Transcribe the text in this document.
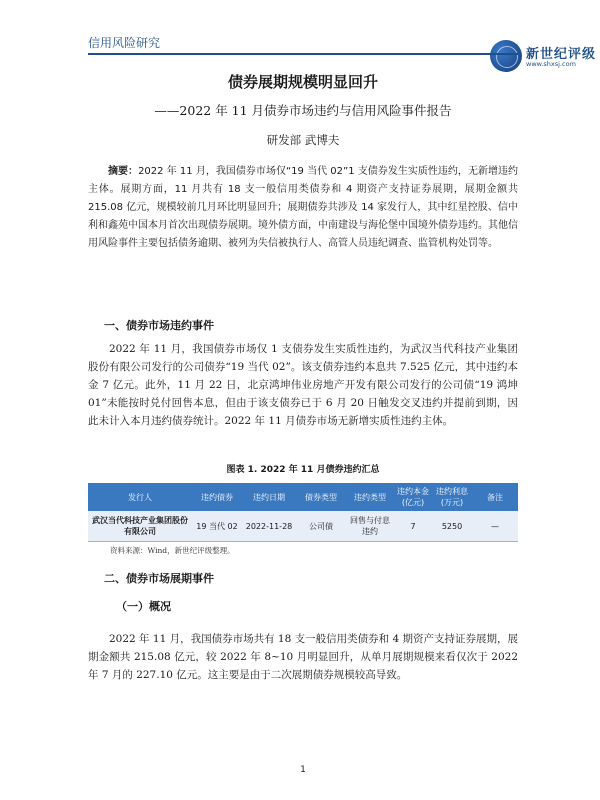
信用风险研究
新世纪评级
www.shxsj.com
债券展期规模明显回升
——2022 年 11 月债券市场违约与信用风险事件报告
研发部 武博夫
摘要：2022 年 11 月，我国债券市场仅“19 当代 02”1 支债券发生实质性违约，无新增违约主体。展期方面，11 月共有 18 支一般信用类债券和 4 期资产支持证券展期，展期金额共 215.08 亿元，规模较前几月环比明显回升；展期债券共涉及 14 家发行人，其中红星控股、信中利和鑫苑中国本月首次出现债券展期。境外债方面，中南建设与海伦堡中国境外债券违约。其他信用风险事件主要包括债务逾期、被列为失信被执行人、高管人员违纪调查、监管机构处罚等。
一、债券市场违约事件
2022 年 11 月，我国债券市场仅 1 支债券发生实质性违约，为武汉当代科技产业集团股份有限公司发行的公司债券“19 当代 02”。该支债券违约本息共 7.525 亿元，其中违约本金 7 亿元。此外，11 月 22 日，北京鸿坤伟业房地产开发有限公司发行的公司债“19 鸿坤 01”未能按时兑付回售本息，但由于该支债券已于 6 月 20 日触发交叉违约并提前到期，因此未计入本月违约债券统计。2022 年 11 月债券市场无新增实质性违约主体。
图表 1. 2022 年 11 月债券违约汇总
发行人	违约债券	违约日期	债券类型	违约类型	违约本金(亿元)	违约利息(万元)	备注
武汉当代科技产业集团股份有限公司	19 当代 02	2022-11-28	公司债	回售与付息违约	7	5250	—
资料来源：Wind，新世纪评级整理。
二、债券市场展期事件
（一）概况
2022 年 11 月，我国债券市场共有 18 支一般信用类债券和 4 期资产支持证券展期，展期金额共 215.08 亿元，较 2022 年 8~10 月明显回升，从单月展期规模来看仅次于 2022 年 7 月的 227.10 亿元。这主要是由于二次展期债券规模较高导致。
1
